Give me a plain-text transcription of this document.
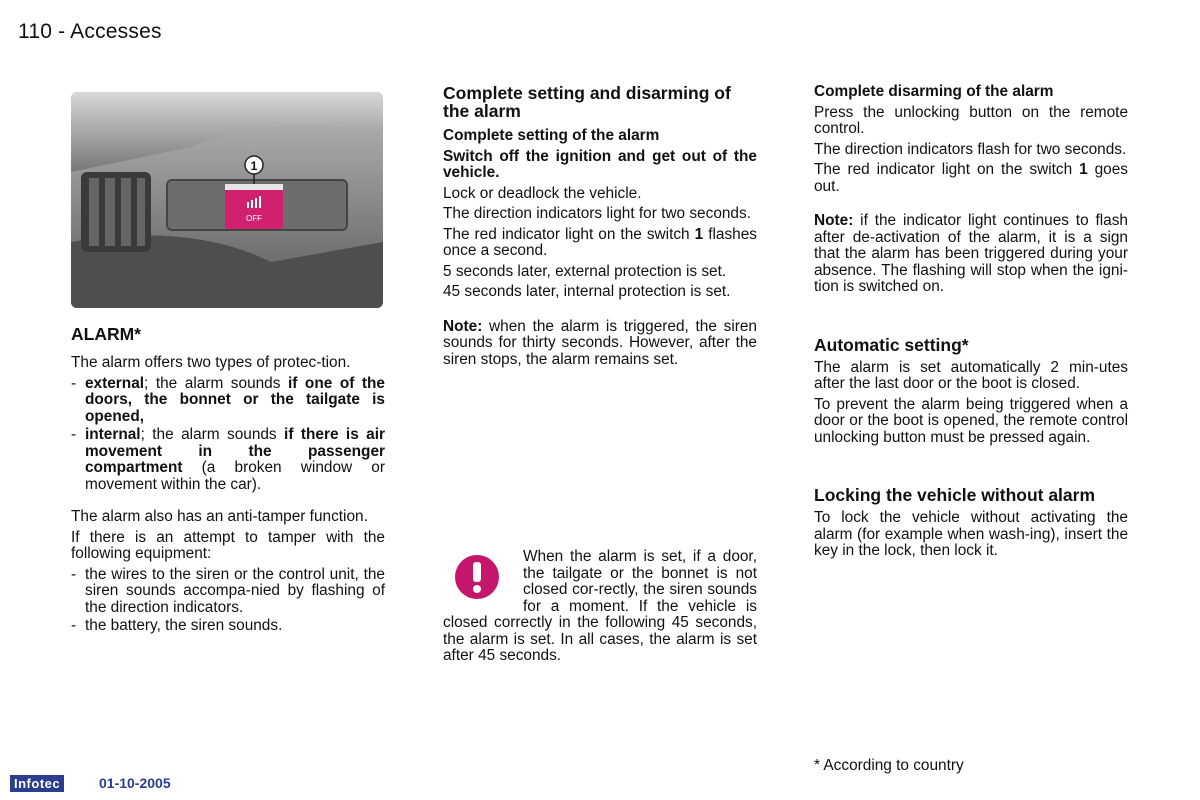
110 - Accesses
1
OFF
ALARM*

The alarm offers two types of protec-tion.

- external; the alarm sounds if one of the doors, the bonnet or the tailgate is opened,
- internal; the alarm sounds if there is air movement in the passenger compartment (a broken window or movement within the car).

The alarm also has an anti-tamper function.

If there is an attempt to tamper with the following equipment:

- the wires to the siren or the control unit, the siren sounds accompa-nied by flashing of the direction indicators.
- the battery, the siren sounds.
Complete setting and disarming of the alarm
Complete setting of the alarm

Switch off the ignition and get out of the vehicle.

Lock or deadlock the vehicle.

The direction indicators light for two seconds.

The red indicator light on the switch 1 flashes once a second.

5 seconds later, external protection is set.

45 seconds later, internal protection is set.

Note: when the alarm is triggered, the siren sounds for thirty seconds. However, after the siren stops, the alarm remains set.

When the alarm is set, if a door, the tailgate or the bonnet is not closed cor-rectly, the siren sounds for a moment. If the vehicle is closed correctly in the following 45 seconds, the alarm is set. In all cases, the alarm is set after 45 seconds.

Complete disarming of the alarm

Press the unlocking button on the remote control.

The direction indicators flash for two seconds.

The red indicator light on the switch 1 goes out.

Note: if the indicator light continues to flash after de-activation of the alarm, it is a sign that the alarm has been triggered during your absence. The flashing will stop when the igni-tion is switched on.

Automatic setting*

The alarm is set automatically 2 min-utes after the last door or the boot is closed.

To prevent the alarm being triggered when a door or the boot is opened, the remote control unlocking button must be pressed again.

Locking the vehicle without alarm

To lock the vehicle without activating the alarm (for example when wash-ing), insert the key in the lock, then lock it.

* According to country
Infotec	01-10-2005
